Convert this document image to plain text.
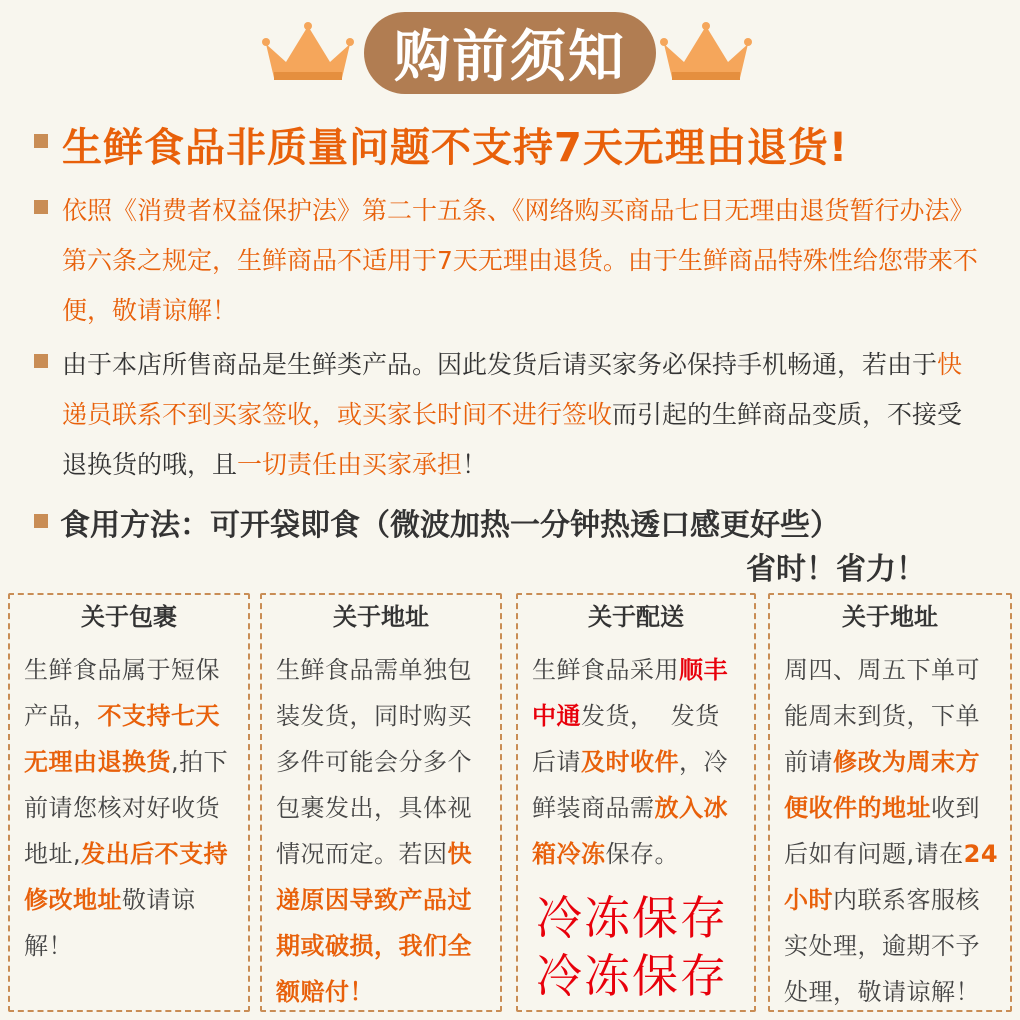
购前须知
生鲜食品非质量问题不支持7天无理由退货!
依照《消费者权益保护法》第二十五条、《网络购买商品七日无理由退货暂行办法》
第六条之规定，生鲜商品不适用于7天无理由退货。由于生鲜商品特殊性给您带来不
便，敬请谅解！
由于本店所售商品是生鲜类产品。因此发货后请买家务必保持手机畅通，若由于快
递员联系不到买家签收，或买家长时间不进行签收而引起的生鲜商品变质，不接受
退换货的哦，且一切责任由买家承担！
食用方法：可开袋即食（微波加热一分钟热透口感更好些）
省时！省力！
关于包裹
生鲜食品属于短保
产品，不支持七天
无理由退换货,拍下
前请您核对好收货
地址,发出后不支持
修改地址敬请谅解！
关于地址
生鲜食品需单独包
装发货，同时购买
多件可能会分多个
包裹发出，具体视
情况而定。若因快
递原因导致产品过
期或破损，我们全
额赔付！
关于配送
生鲜食品采用顺丰
中通发货，  发货
后请及时收件，冷
鲜装商品需放入冰
箱冷冻保存。
冷冻保存
冷冻保存
关于地址
周四、周五下单可
能周末到货，下单
前请修改为周末方
便收件的地址收到
后如有问题,请在24
小时内联系客服核
实处理，逾期不予
处理，敬请谅解！
